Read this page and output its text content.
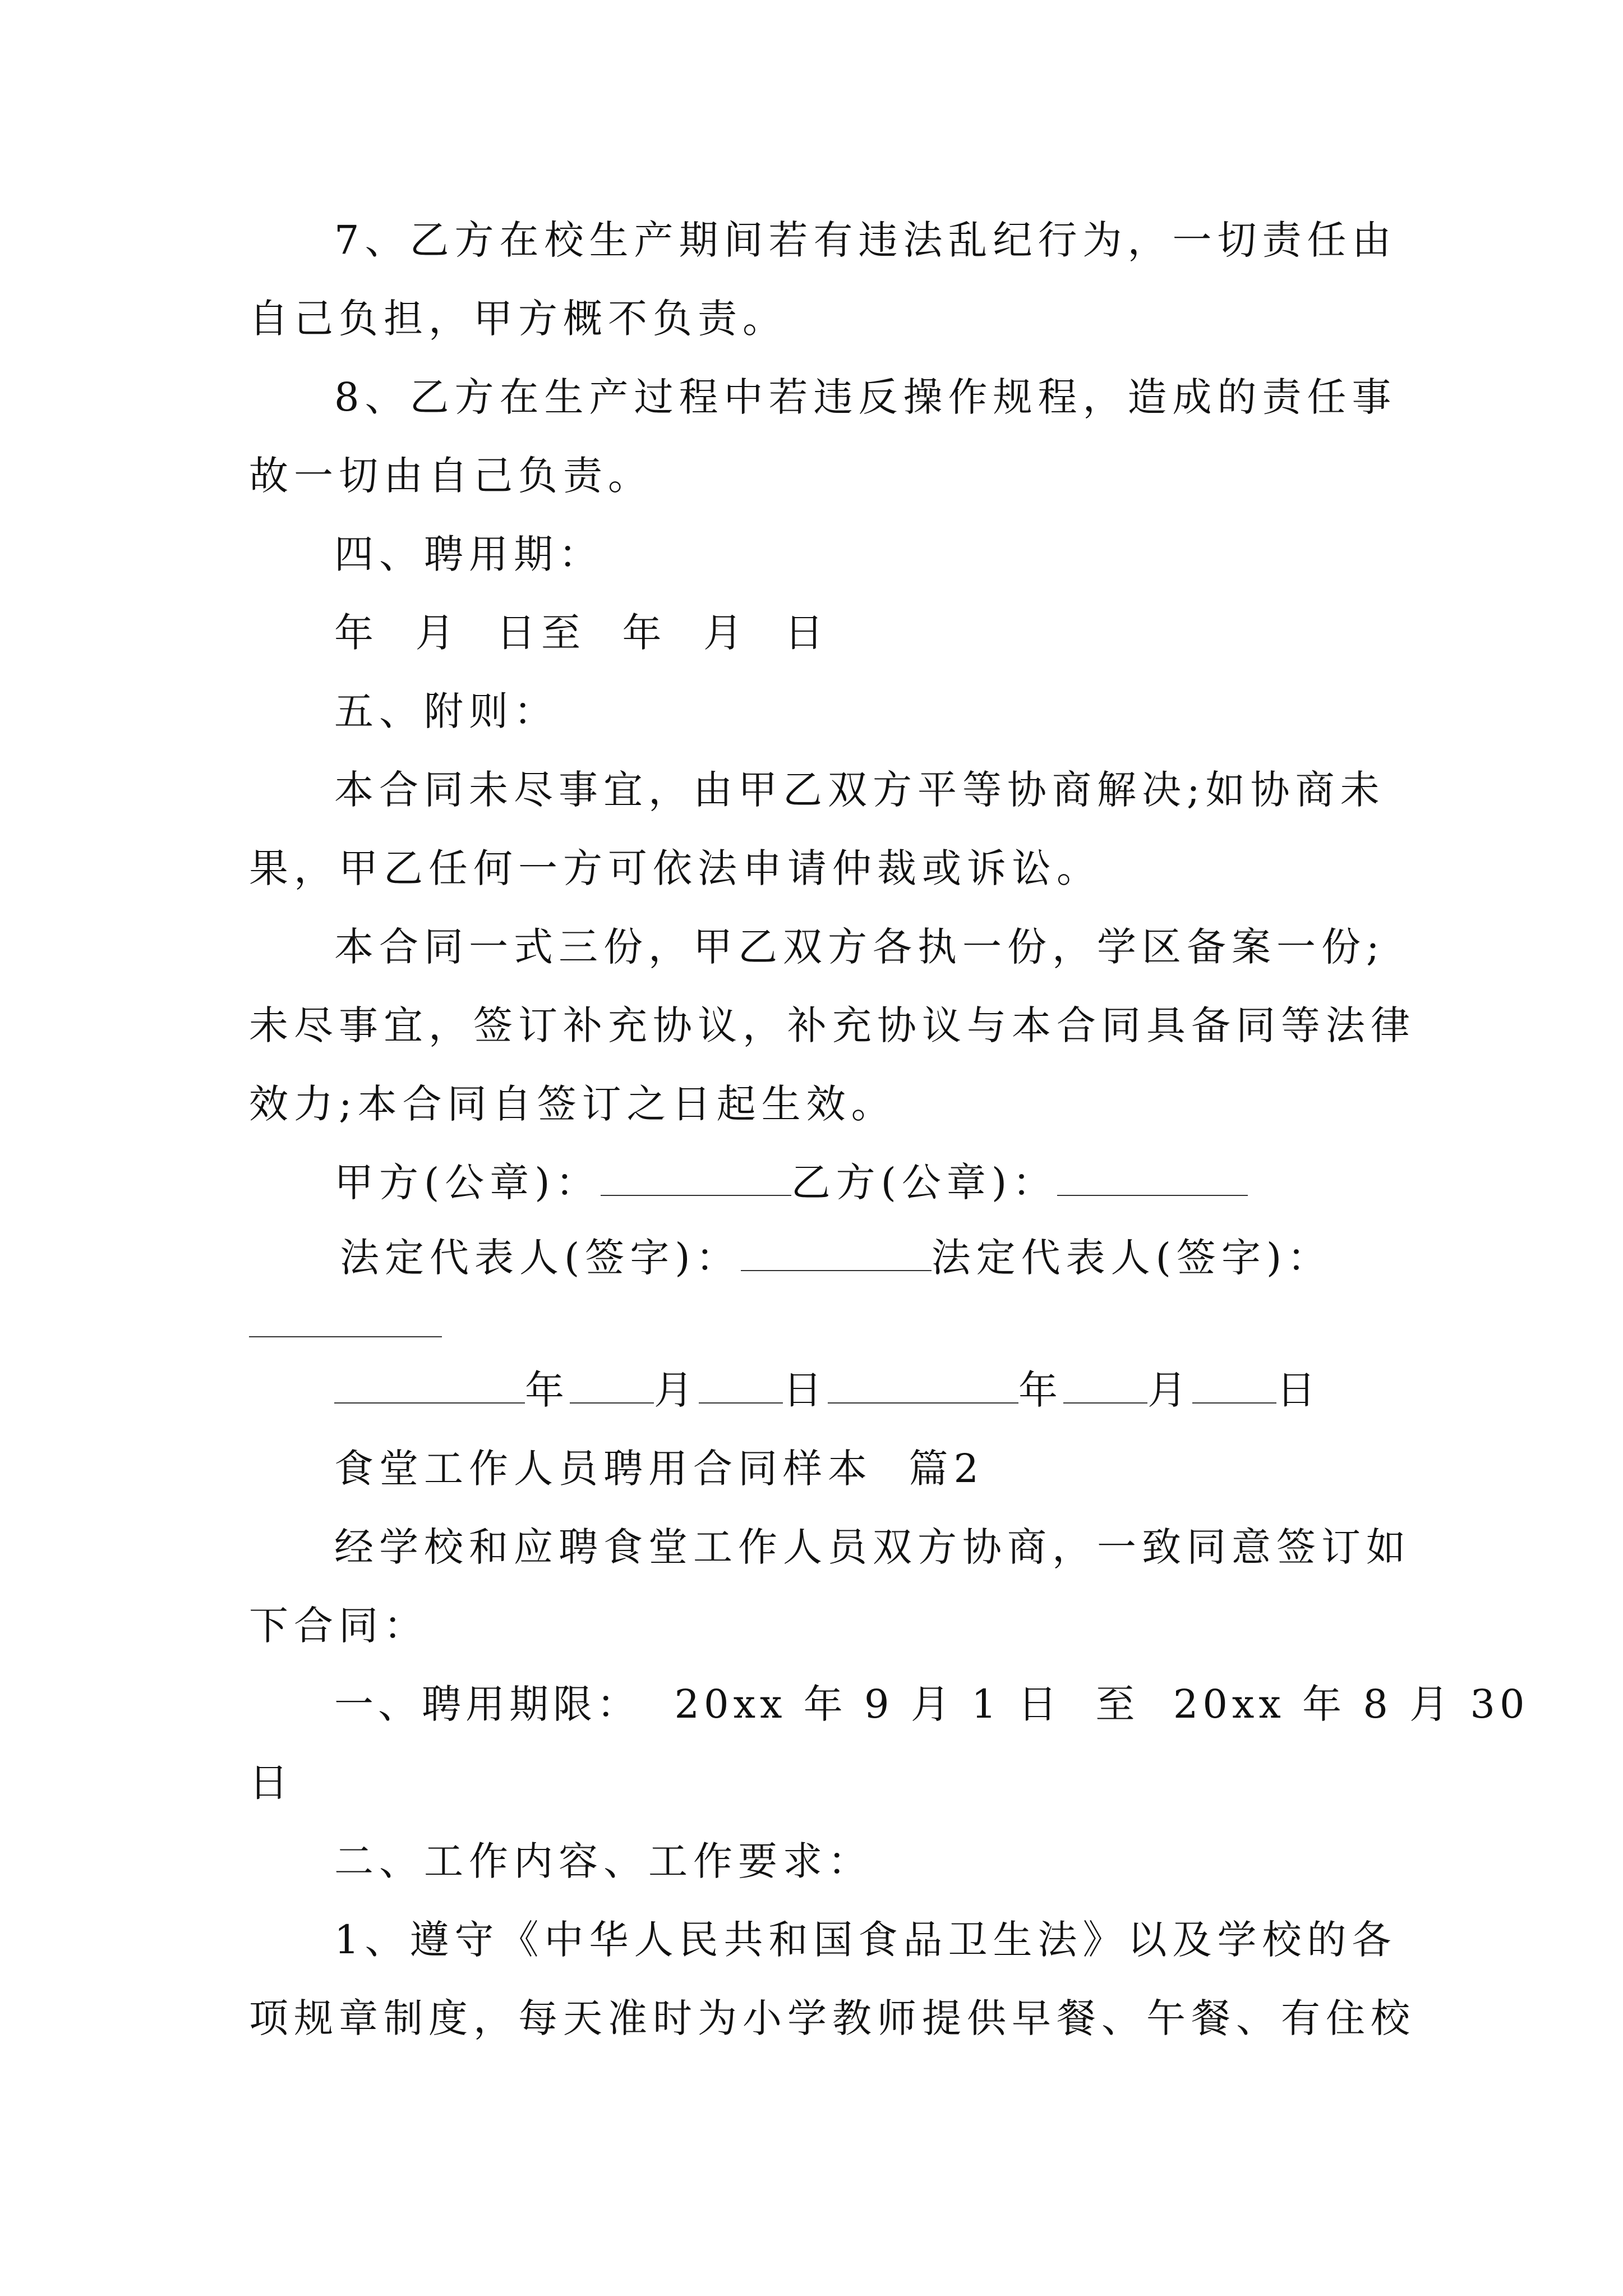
7、乙方在校生产期间若有违法乱纪行为，一切责任由
自己负担，甲方概不负责。
8、乙方在生产过程中若违反操作规程，造成的责任事
故一切由自己负责。
四、聘用期：
年  月  日至  年  月  日
五、附则：
本合同未尽事宜，由甲乙双方平等协商解决;如协商未
果，甲乙任何一方可依法申请仲裁或诉讼。
本合同一式三份，甲乙双方各执一份，学区备案一份;
未尽事宜，签订补充协议，补充协议与本合同具备同等法律
效力;本合同自签订之日起生效。
甲方(公章)：	乙方(公章)：
法定代表人(签字)：	法定代表人(签字)：
年 月 日	年 月 日
食堂工作人员聘用合同样本  篇2
经学校和应聘食堂工作人员双方协商，一致同意签订如
下合同：
一、聘用期限：  20xx 年 9 月 1 日  至  20xx 年 8 月 30
日
二、工作内容、工作要求：
1、遵守《中华人民共和国食品卫生法》以及学校的各
项规章制度，每天准时为小学教师提供早餐、午餐、有住校
